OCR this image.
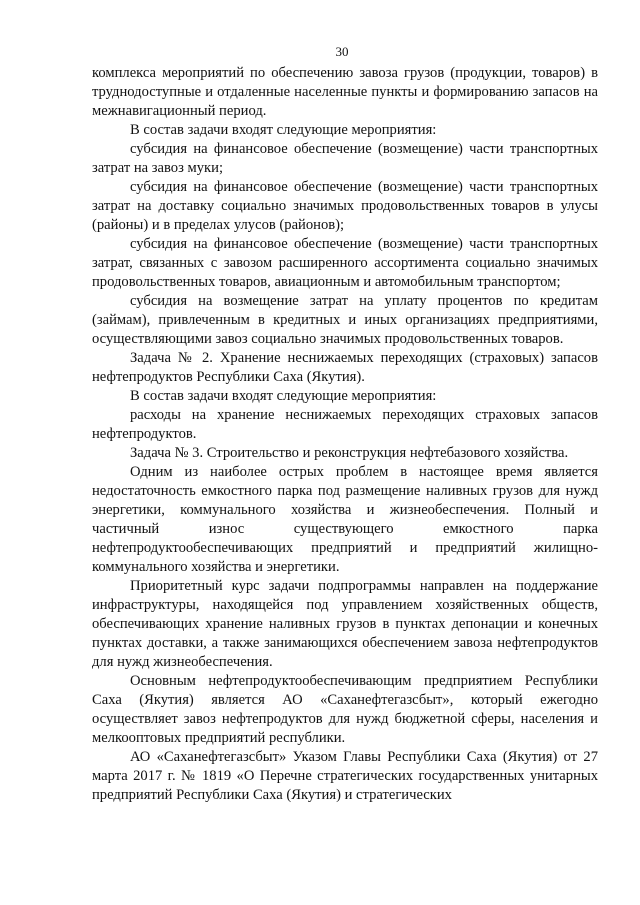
30

комплекса мероприятий по обеспечению завоза грузов (продукции, товаров) в труднодоступные и отдаленные населенные пункты и формированию запасов на межнавигационный период.

В состав задачи входят следующие мероприятия:

субсидия на финансовое обеспечение (возмещение) части транспортных затрат на завоз муки;

субсидия на финансовое обеспечение (возмещение) части транспортных затрат на доставку социально значимых продовольственных товаров в улусы (районы) и в пределах улусов (районов);

субсидия на финансовое обеспечение (возмещение) части транспортных затрат, связанных с завозом расширенного ассортимента социально значимых продовольственных товаров, авиационным и автомобильным транспортом;

субсидия на возмещение затрат на уплату процентов по кредитам (займам), привлеченным в кредитных и иных организациях предприятиями, осуществляющими завоз социально значимых продовольственных товаров.

Задача № 2. Хранение неснижаемых переходящих (страховых) запасов нефтепродуктов Республики Саха (Якутия).

В состав задачи входят следующие мероприятия:

расходы на хранение неснижаемых переходящих страховых запасов нефтепродуктов.

Задача № 3. Строительство и реконструкция нефтебазового хозяйства.

Одним из наиболее острых проблем в настоящее время является недостаточность емкостного парка под размещение наливных грузов для нужд энергетики, коммунального хозяйства и жизнеобеспечения. Полный и частичный износ существующего емкостного парка нефтепродуктообеспечивающих предприятий и предприятий жилищно-коммунального хозяйства и энергетики.

Приоритетный курс задачи подпрограммы направлен на поддержание инфраструктуры, находящейся под управлением хозяйственных обществ, обеспечивающих хранение наливных грузов в пунктах депонации и конечных пунктах доставки, а также занимающихся обеспечением завоза нефтепродуктов для нужд жизнеобеспечения.

Основным нефтепродуктообеспечивающим предприятием Республики Саха (Якутия) является АО «Саханефтегазсбыт», который ежегодно осуществляет завоз нефтепродуктов для нужд бюджетной сферы, населения и мелкооптовых предприятий республики.

АО «Саханефтегазсбыт» Указом Главы Республики Саха (Якутия) от 27 марта 2017 г. № 1819 «О Перечне стратегических государственных унитарных предприятий Республики Саха (Якутия) и стратегических
